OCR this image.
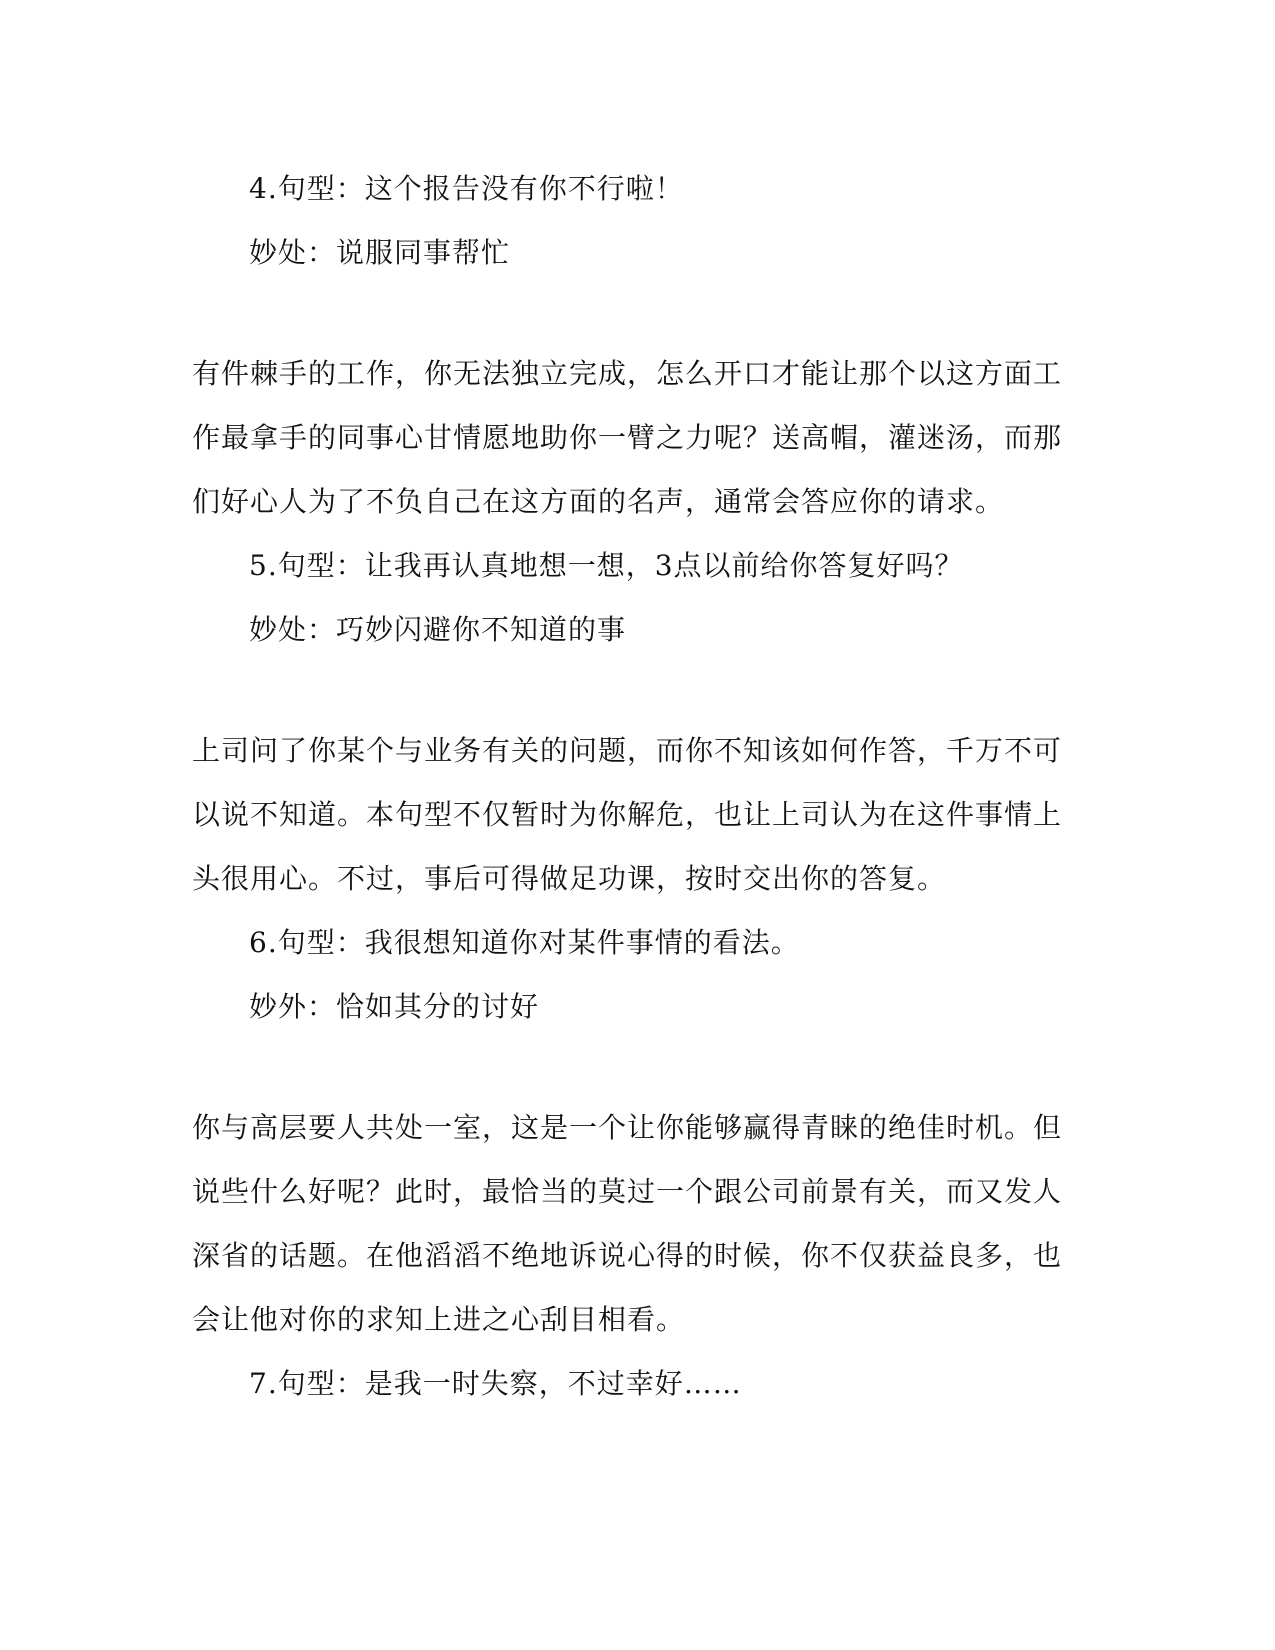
4.句型：这个报告没有你不行啦！
妙处：说服同事帮忙
有件棘手的工作，你无法独立完成，怎么开口才能让那个以这方面工
作最拿手的同事心甘情愿地助你一臂之力呢？送高帽，灌迷汤，而那
们好心人为了不负自己在这方面的名声，通常会答应你的请求。
5.句型：让我再认真地想一想，3点以前给你答复好吗？
妙处：巧妙闪避你不知道的事
上司问了你某个与业务有关的问题，而你不知该如何作答，千万不可
以说不知道。本句型不仅暂时为你解危，也让上司认为在这件事情上
头很用心。不过，事后可得做足功课，按时交出你的答复。
6.句型：我很想知道你对某件事情的看法。
妙外：恰如其分的讨好
你与高层要人共处一室，这是一个让你能够赢得青睐的绝佳时机。但
说些什么好呢？此时，最恰当的莫过一个跟公司前景有关，而又发人
深省的话题。在他滔滔不绝地诉说心得的时候，你不仅获益良多，也
会让他对你的求知上进之心刮目相看。
7.句型：是我一时失察，不过幸好……
